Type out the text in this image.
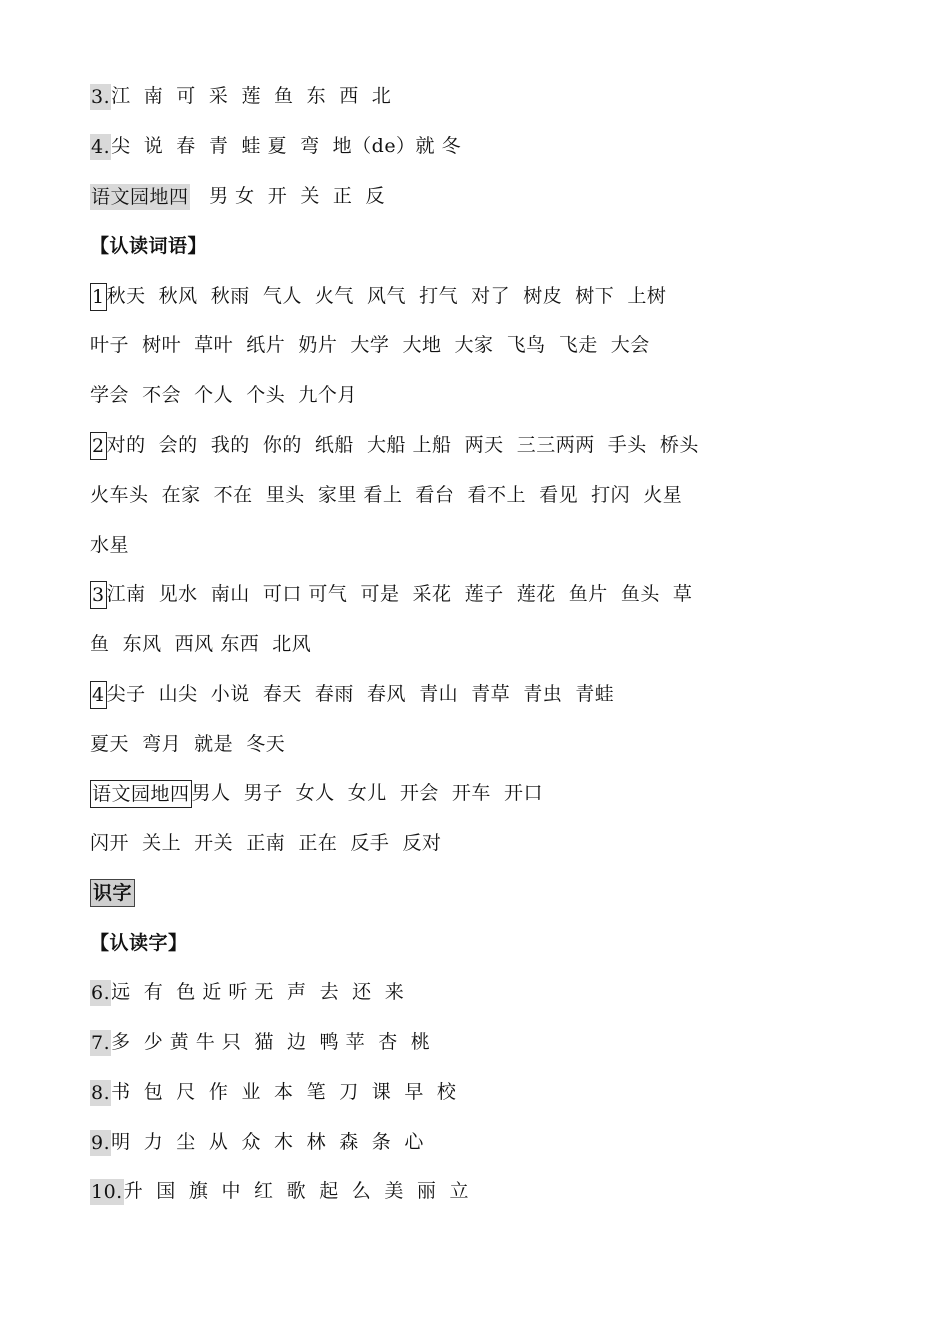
3.江  南  可  采  莲  鱼  东  西  北
4.尖  说  春  青  蛙 夏  弯  地（de）就 冬
语文园地四   男 女  开  关  正  反
【认读词语】
1 秋天  秋风  秋雨  气人  火气  风气  打气  对了  树皮  树下  上树
叶子  树叶  草叶  纸片  奶片  大学  大地  大家  飞鸟  飞走  大会
学会  不会  个人  个头  九个月
2 对的  会的  我的  你的  纸船  大船 上船  两天  三三两两  手头  桥头
火车头  在家  不在  里头  家里 看上  看台  看不上  看见  打闪  火星
水星
3 江南  见水  南山  可口 可气  可是  采花  莲子  莲花  鱼片  鱼头  草
鱼  东风  西风 东西  北风
4 尖子  山尖  小说  春天  春雨  春风  青山  青草  青虫  青蛙
夏天  弯月  就是  冬天
语文园地四 男人  男子  女人  女儿  开会  开车  开口
闪开  关上  开关  正南  正在  反手  反对
识字
【认读字】
6.远  有  色 近 听 无  声  去  还  来
7.多  少 黄 牛 只  猫  边  鸭 苹  杏  桃
8.书  包  尺  作  业  本  笔  刀  课  早  校
9.明  力  尘  从  众  木  林  森  条  心
10.升  国  旗  中  红  歌  起  么  美  丽  立
